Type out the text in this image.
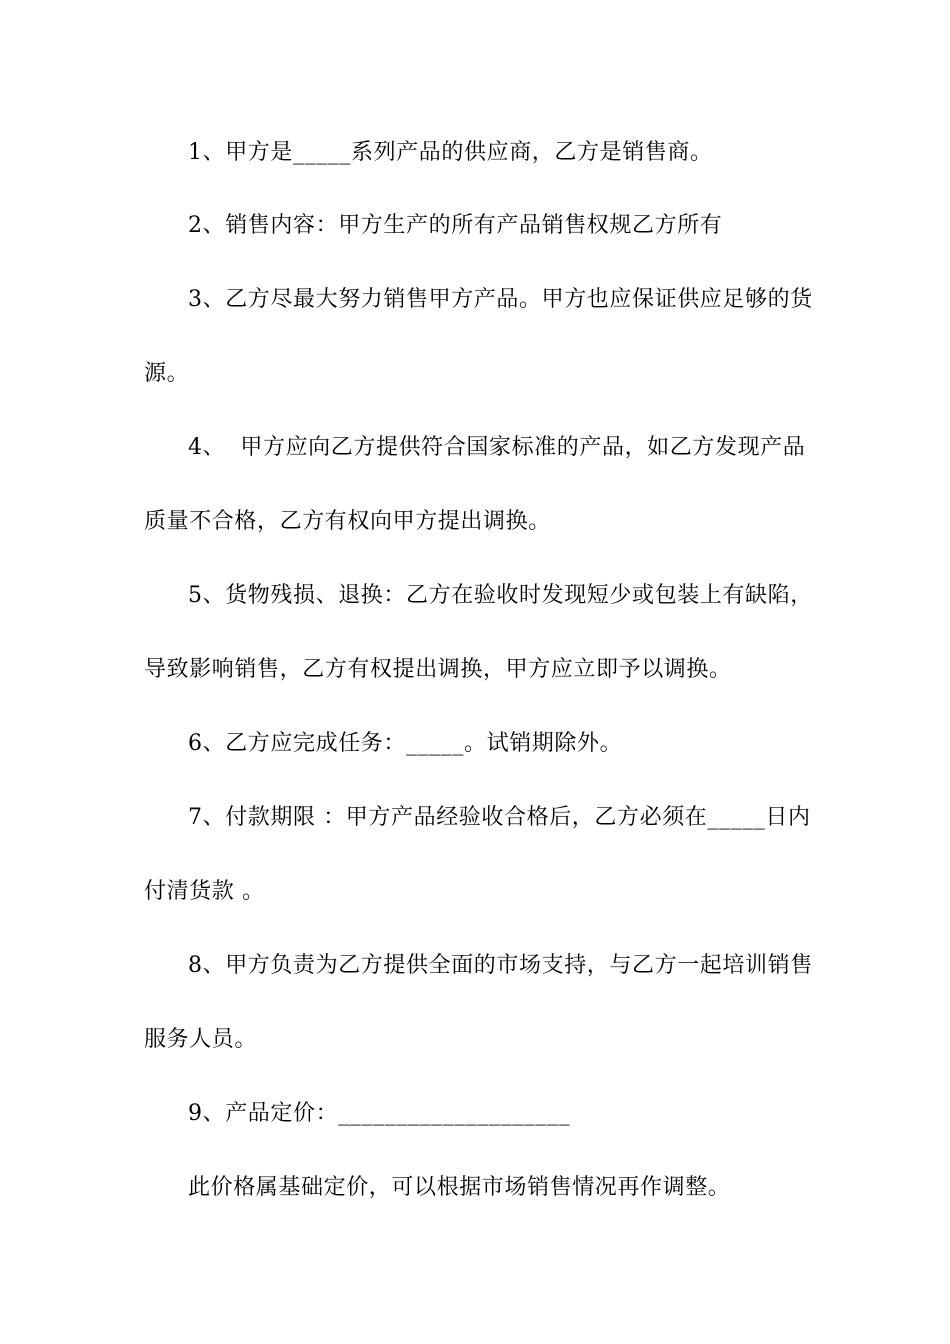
1、甲方是_____系列产品的供应商，乙方是销售商。
2、销售内容：甲方生产的所有产品销售权规乙方所有
3、乙方尽最大努力销售甲方产品。甲方也应保证供应足够的货
源。
4、  甲方应向乙方提供符合国家标准的产品，如乙方发现产品
质量不合格，乙方有权向甲方提出调换。
5、货物残损、退换：乙方在验收时发现短少或包装上有缺陷，
导致影响销售，乙方有权提出调换，甲方应立即予以调换。
6、乙方应完成任务：_____。试销期除外。
7、付款期限 ：甲方产品经验收合格后，乙方必须在_____日内
付清货款 。
8、甲方负责为乙方提供全面的市场支持，与乙方一起培训销售
服务人员。
9、产品定价：____________________
此价格属基础定价，可以根据市场销售情况再作调整。
